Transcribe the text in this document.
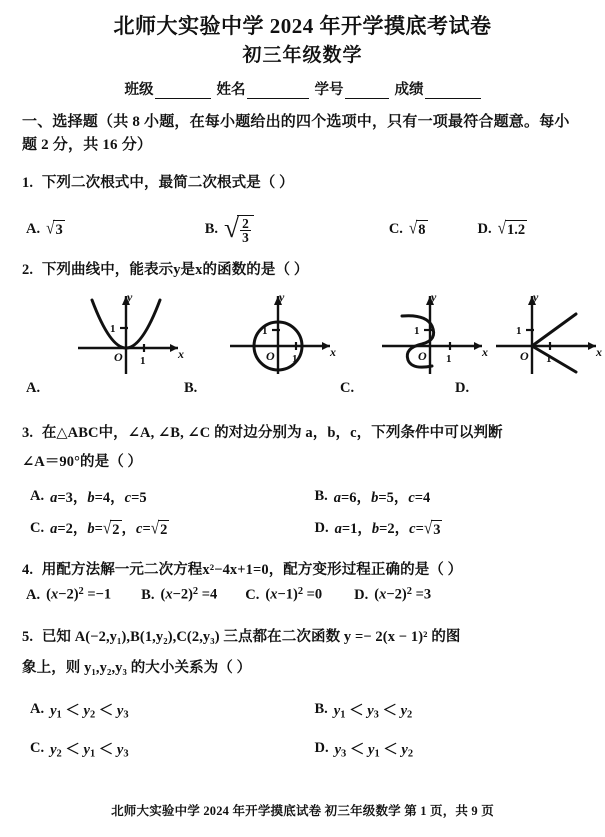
北师大实验中学 2024 年开学摸底考试卷
初三年级数学
班级	姓名	学号	成绩
一、选择题（共 8 小题，在每小题给出的四个选项中，只有一项最符合题意。每小题 2 分，共 16 分）
1. 下列二次根式中，最简二次根式是（ ）
A. √ 3	B. √ $\frac{2}{3}$	C. √ 8	D. √ 1.2
2. 下列曲线中，能表示y是x的函数的是（ ）
y
x
O
1
1
y
x
O
1
1
y
x
O
1
1
y
x
O
1
1
A.	B.	C.	D.
3. 在△ABC中，∠A, ∠B, ∠C 的对边分别为 a，b，c，下列条件中可以判断
∠A＝90°的是（ ）
A. a=3，b=4，c=5	B. a=6，b=5，c=4
C. a=2，b= √ 2 ，c= √ 2	D. a=1，b=2，c= √ 3
4. 用配方法解一元二次方程x²−4x+1=0，配方变形过程正确的是（ ）
A. $(x-2)^2 =-1$ B. $(x-2)^2 =4$ C. $(x-1)^2 =0$ D. $(x-2)^2 =3$
5. 已知 A(−2,y₁),B(1,y₂),C(2,y₃) 三点都在二次函数 y =− 2(x − 1)² 的图
象上，则 y₁,y₂,y₃ 的大小关系为（ ）
A. $y_1 < y_2 < y_3$	B. $y_1 < y_3 < y_2$
C. $y_2 < y_1 < y_3$	D. $y_3 < y_1 < y_2$
北师大实验中学 2024 年开学摸底试卷 初三年级数学 第 1 页，共 9 页
